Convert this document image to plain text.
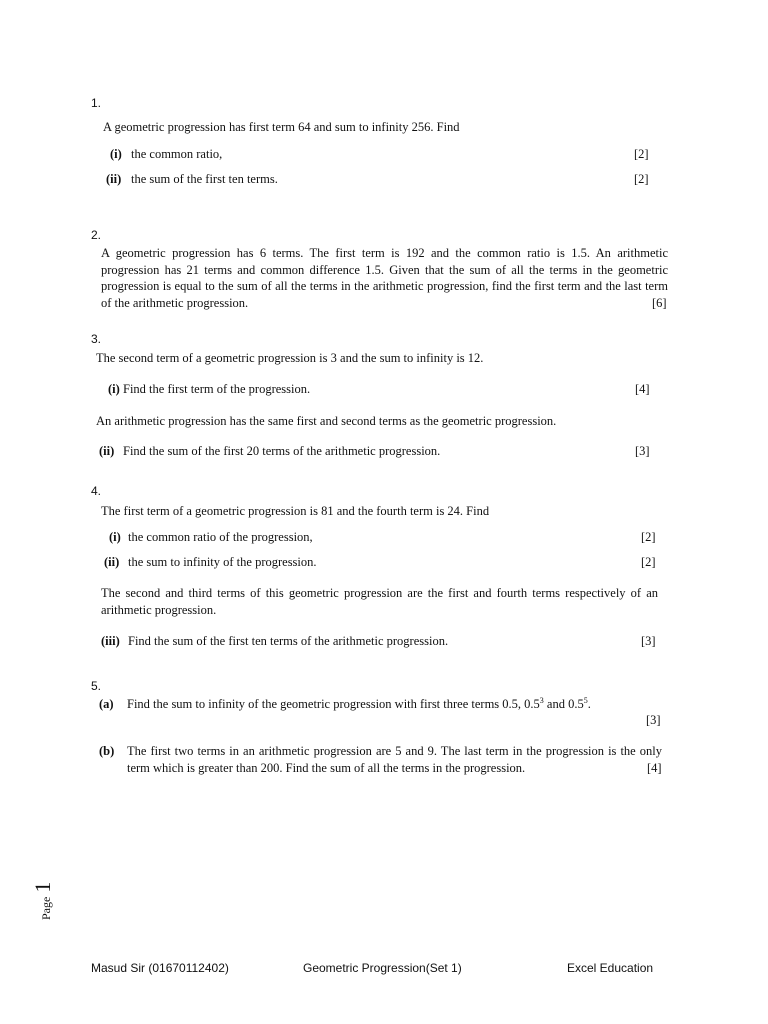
1.
A geometric progression has first term 64 and sum to infinity 256. Find
(i) the common ratio,	[2]
(ii) the sum of the first ten terms.	[2]
2.
A geometric progression has 6 terms. The first term is 192 and the common ratio is 1.5. An arithmetic progression has 21 terms and common difference 1.5. Given that the sum of all the terms in the geometric progression is equal to the sum of all the terms in the arithmetic progression, find the first term and the last term of the arithmetic progression.	[6]
3.
The second term of a geometric progression is 3 and the sum to infinity is 12.
(i) Find the first term of the progression.	[4]
An arithmetic progression has the same first and second terms as the geometric progression.
(ii) Find the sum of the first 20 terms of the arithmetic progression.	[3]
4.
The first term of a geometric progression is 81 and the fourth term is 24. Find
(i) the common ratio of the progression,	[2]
(ii) the sum to infinity of the progression.	[2]
The second and third terms of this geometric progression are the first and fourth terms respectively of an arithmetic progression.
(iii) Find the sum of the first ten terms of the arithmetic progression.	[3]
5.
(a) Find the sum to infinity of the geometric progression with first three terms 0.5, $0.5^3$ and $0.5^5$.
[3]
(b) The first two terms in an arithmetic progression are 5 and 9. The last term in the progression is the only term which is greater than 200. Find the sum of all the terms in the progression.	[4]
Page 1
Masud Sir (01670112402)	Geometric Progression(Set 1)	Excel Education
